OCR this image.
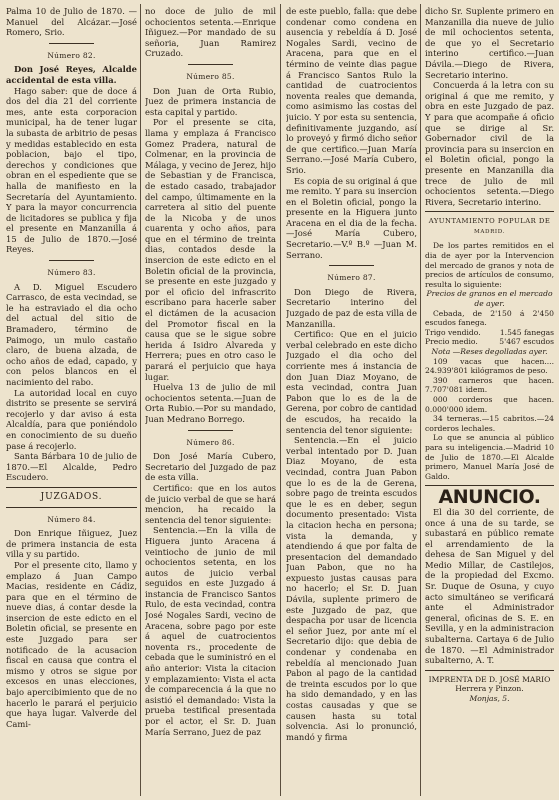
Palma 10 de Julio de 1870. —Manuel del Alcázar.—José Romero, Srio.

Número 82.

Don José Reyes, Alcalde accidental de esta villa.

Hago saber: que de doce á dos del dia 21 del corriente mes, ante esta corporacion municipal, ha de tener lugar la subasta de arbitrio de pesas y medidas establecido en esta poblacion, bajo el tipo, derechos y condiciones que obran en el espediente que se halla de manifiesto en la Secretaría del Ayuntamiento. Y para la mayor concurrencia de licitadores se publica y fija el presente en Manzanilla á 15 de Julio de 1870.—José Reyes.

Número 83.

A D. Miguel Escudero Carrasco, de esta vecindad, se le ha estraviado el dia ocho del actual del sitio de Bramadero, término de Paimogo, un mulo castaño claro, de buena alzada, de ocho años de edad, capado, y con pelos blancos en el nacimiento del rabo.

La autoridad local en cuyo distrito se presente se servirá recojerlo y dar aviso á esta Alcaldía, para que poniéndolo en conocimiento de su dueño pase á recojerlo.

Santa Bárbara 10 de julio de 1870.—El Alcalde, Pedro Escudero.

JUZGADOS.
Número 84.

Don Enrique Iñiguez, Juez de primera instancia de esta villa y su partido.

Por el presente cito, llamo y emplazo á Juan Campo Macias, residente en Cádiz, para que en el término de nueve dias, á contar desde la insercion de este edicto en el Boletin oficial, se presente en este Juzgado para ser notificado de la acusacion fiscal en causa que contra el mismo y otros se sigue por excesos en unas elecciones, bajo apercibimiento que de no hacerlo le parará el perjuicio que haya lugar. Valverde del Cami-

no doce de julio de mil ochocientos setenta.—Enrique Iñiguez.—Por mandado de su señoria, Juan Ramirez Cruzado.

Número 85.

Don Juan de Orta Rubio, Juez de primera instancia de esta capital y partido.

Por el presente se cita, llama y emplaza á Francisco Gomez Pradera, natural de Colmenar, en la provincia de Málaga, y vecino de Jerez, hijo de Sebastian y de Francisca, de estado casado, trabajador del campo, últimamente en la carretera al sitio del puente de la Nicoba y de unos cuarenta y ocho años, para que en el término de treinta dias, contados desde la insercion de este edicto en el Boletin oficial de la provincia, se presente en este juzgado y por el oficio del infrascrito escribano para hacerle saber el dictámen de la acusacion del Promotor fiscal en la causa que se le sigue sobre herida á Isidro Alvareda y Herrera; pues en otro caso le parará el perjuicio que haya lugar.

Huelva 13 de julio de mil ochocientos setenta.—Juan de Orta Rubio.—Por su mandado, Juan Medrano Borrego.

Número 86.

Don José María Cubero, Secretario del Juzgado de paz de esta villa.

Certifico: que en los autos de juicio verbal de que se hará mencion, ha recaido la sentencia del tenor siguiente:

Sentencia.—En la villa de Higuera junto Aracena á veintiocho de junio de mil ochocientos setenta, en los autos de juicio verbal seguidos en este Juzgado á instancia de Francisco Santos Rulo, de esta vecindad, contra José Nogales Sardi, vecino de Aracena, sobre pago por este á aquel de cuatrocientos noventa rs., procedente de cebada que le suministró en el año anterior: Vista la citacion y emplazamiento: Vista el acta de comparecencia á la que no asistió el demandado: Vista la prueba testifical presentada por el actor, el Sr. D. Juan María Serrano, Juez de paz

de este pueblo, falla: que debe condenar como condena en ausencia y rebeldía á D. José Nogales Sardi, vecino de Aracena, para que en el término de veinte dias pague á Francisco Santos Rulo la cantidad de cuatrocientos noventa reales que demanda, como asimismo las costas del juicio. Y por esta su sentencia, definitivamente juzgando, así lo proveyó y firmó dicho señor de que certifico.—Juan María Serrano.—José María Cubero, Srio.

Es copia de su original á que me remito. Y para su insercion en el Boletin oficial, pongo la presente en la Higuera junto Aracena en el dia de la fecha.—José María Cubero, Secretario.—V.º B.º —Juan M. Serrano.

Número 87.

Don Diego de Rivera, Secretario interino del Juzgado de paz de esta villa de Manzanilla.

Certifico: Que en el juicio verbal celebrado en este dicho Juzgado el dia ocho del corriente mes á instancia de don Juan Diaz Moyano, de esta vecindad, contra Juan Pabon que lo es de la de Gerena, por cobro de cantidad de escudos, ha recaido la sentencia del tenor siguiente:

Sentencia.—En el juicio verbal intentado por D. Juan Diaz Moyano, de esta vecindad, contra Juan Pabon que lo es de la de Gerena, sobre pago de treinta escudos que le es en deber, segun documento presentado: Vista la citacion hecha en persona; vista la demanda, y atendiendo á que por falta de presentacion del demandado Juan Pabon, que no ha expuesto justas causas para no hacerlo; el Sr. D. Juan Dávila, suplente primero de este Juzgado de paz, que despacha por usar de licencia el señor Juez, por ante mí el Secretario dijo: que debia de condenar y condenaba en rebeldía al mencionado Juan Pabon al pago de la cantidad de treinta escudos por lo que ha sido demandado, y en las costas causadas y que se causen hasta su total solvencia. Asi lo pronunció, mandó y firma

dicho Sr. Suplente primero en Manzanilla dia nueve de julio de mil ochocientos setenta, de que yo el Secretario interino certifico.—Juan Dávila.—Diego de Rivera, Secretario interino.

Concuerda á la letra con su original á que me remito, y obra en este Juzgado de paz. Y para que acompañe á oficio que se dirige al Sr. Gobernador civil de la provincia para su insercion en el Boletin oficial, pongo la presente en Manzanilla dia trece de julio de mil ochocientos setenta.—Diego Rivera, Secretario interino.

AYUNTAMIENTO POPULAR DE
MADRID.

De los partes remitidos en el dia de ayer por la Intervencion del mercado de granos y nota de precios de artículos de consumo, resulta lo siguiente:

Precios de granos en el mercado de ayer.

Cebada, de 2'150 á 2'450 escudos fanega.

Trigo vendido.	1.545 fanegas
Precio medio.	5'467 escudos

Nota —Reses degolladas ayer.

109 vacas que hacen.... 24.939'801 kilógramos de peso.

390 carneros que hacen. 7.707'081 idem.

000 corderos que hacen. 0.000'000 idem.

34 terneras.—15 cabritos.—24 corderos lechales.

Lo que se anuncia al público para su inteligencia.—Madrid 10 de Julio de 1870.—El Alcalde primero, Manuel María José de Galdo.

ANUNCIO.

El dia 30 del corriente, de once á una de su tarde, se subastará en público remate el arrendamiento de la dehesa de San Miguel y del Medio Millar, de Castilejos, de la propiedad del Excmo. Sr. Duque de Osuna, y cuyo acto simultáneo se verificará ante el Administrador general, oficinas de S. E. en Sevilla, y en la administracion subalterna. Cartaya 6 de Julio de 1870. —El Administrador subalterno, A. T.

IMPRENTA DE D. JOSÉ MARIO Herrera y Pinzon.

Monjas, 5.
